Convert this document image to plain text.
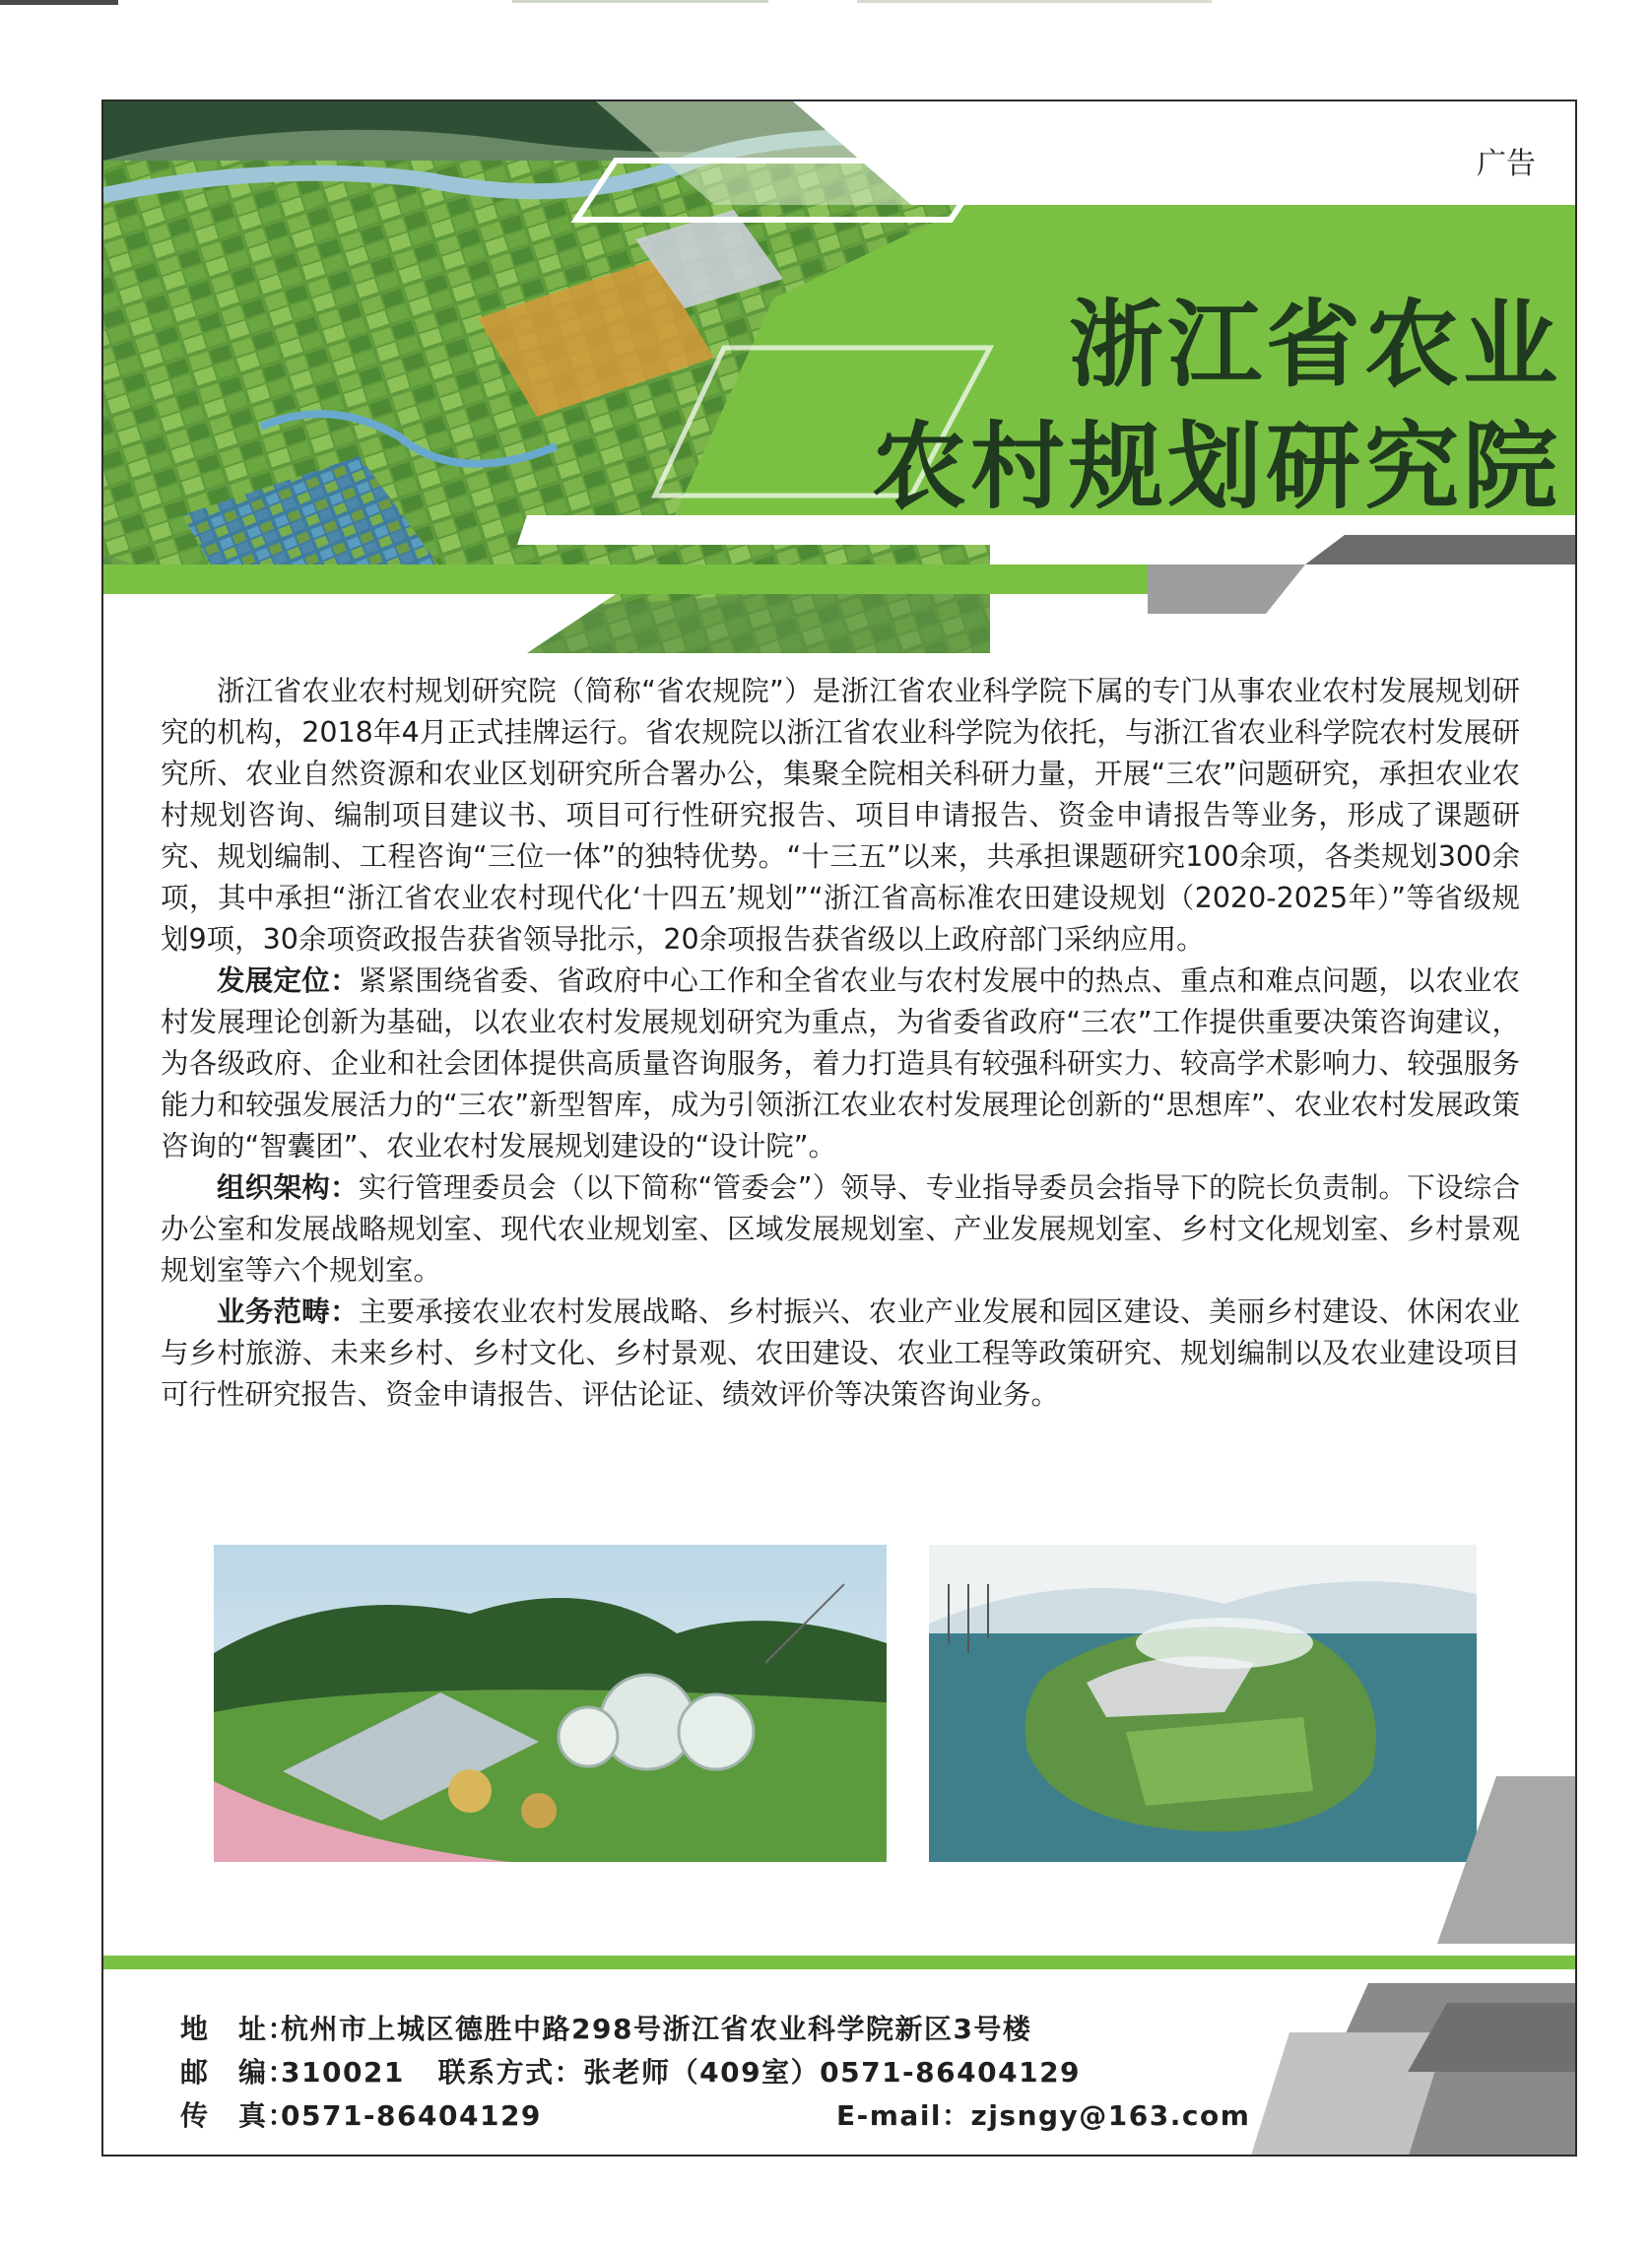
广告
浙江省农业
农村规划研究院

浙江省农业农村规划研究院（简称“省农规院”）是浙江省农业科学院下属的专门从事农业农村发展规划研究的机构，2018年4月正式挂牌运行。省农规院以浙江省农业科学院为依托，与浙江省农业科学院农村发展研究所、农业自然资源和农业区划研究所合署办公，集聚全院相关科研力量，开展“三农”问题研究，承担农业农村规划咨询、编制项目建议书、项目可行性研究报告、项目申请报告、资金申请报告等业务，形成了课题研究、规划编制、工程咨询“三位一体”的独特优势。“十三五”以来，共承担课题研究100余项，各类规划300余项，其中承担“浙江省农业农村现代化‘十四五’规划”“浙江省高标准农田建设规划（2020-2025年）”等省级规划9项，30余项资政报告获省领导批示，20余项报告获省级以上政府部门采纳应用。

发展定位：紧紧围绕省委、省政府中心工作和全省农业与农村发展中的热点、重点和难点问题，以农业农村发展理论创新为基础，以农业农村发展规划研究为重点，为省委省政府“三农”工作提供重要决策咨询建议，为各级政府、企业和社会团体提供高质量咨询服务，着力打造具有较强科研实力、较高学术影响力、较强服务能力和较强发展活力的“三农”新型智库，成为引领浙江农业农村发展理论创新的“思想库”、农业农村发展政策咨询的“智囊团”、农业农村发展规划建设的“设计院”。

组织架构：实行管理委员会（以下简称“管委会”）领导、专业指导委员会指导下的院长负责制。下设综合办公室和发展战略规划室、现代农业规划室、区域发展规划室、产业发展规划室、乡村文化规划室、乡村景观规划室等六个规划室。

业务范畴：主要承接农业农村发展战略、乡村振兴、农业产业发展和园区建设、美丽乡村建设、休闲农业与乡村旅游、未来乡村、乡村文化、乡村景观、农田建设、农业工程等政策研究、规划编制以及农业建设项目可行性研究报告、资金申请报告、评估论证、绩效评价等决策咨询业务。

地　址：杭州市上城区德胜中路298号浙江省农业科学院新区3号楼
邮　编：310021 联系方式：张老师（409室）0571-86404129
传　真：0571-86404129	E-mail：zjsngy@163.com
